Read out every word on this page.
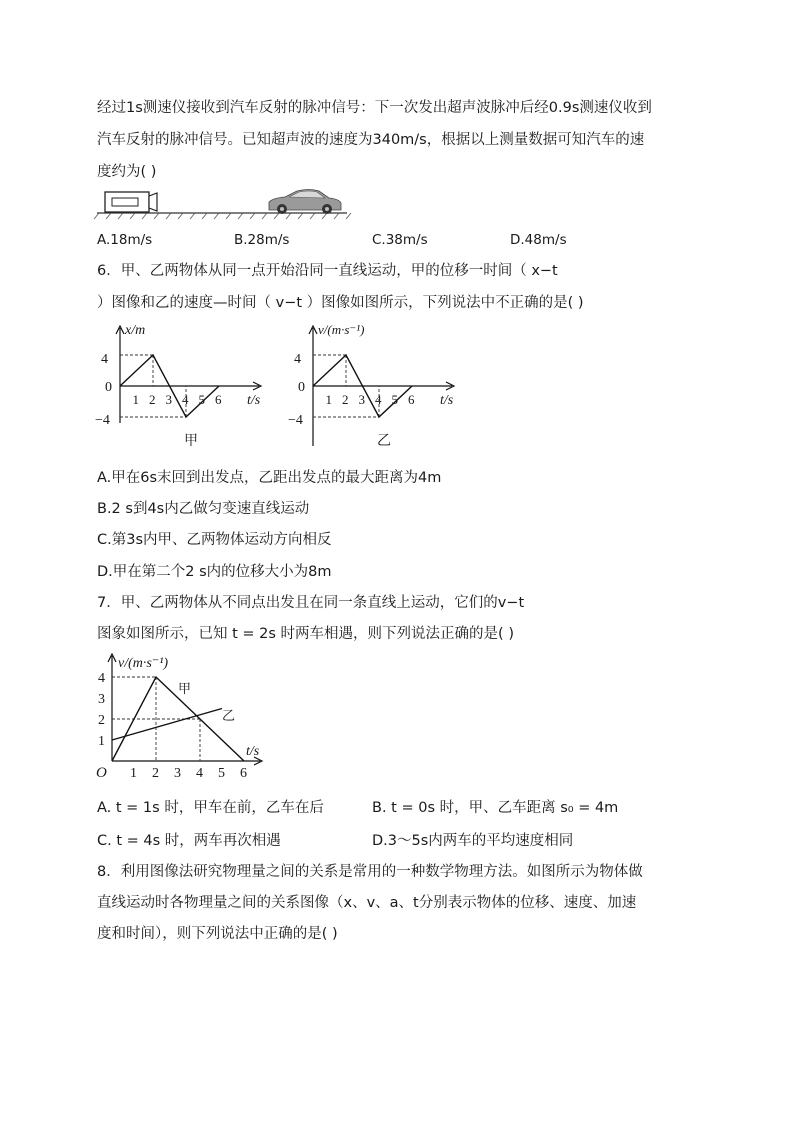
经过1s测速仪接收到汽车反射的脉冲信号：下一次发出超声波脉冲后经0.9s测速仪收到
汽车反射的脉冲信号。已知超声波的速度为340m/s，根据以上测量数据可知汽车的速
度约为( )
A.18m/s	B.28m/s	C.38m/s	D.48m/s
6．甲、乙两物体从同一点开始沿同一直线运动，甲的位移一时间（ x−t
）图像和乙的速度—时间（ v−t ）图像如图所示，下列说法中不正确的是( )
x/m
t/s
4
0
−4
1 2 3 4 5 6
甲
v/(m·s⁻¹)
t/s
4
0
−4
1 2 3 4 5 6
乙
A.甲在6s末回到出发点，乙距出发点的最大距离为4m
B.2 s到4s内乙做匀变速直线运动
C.第3s内甲、乙两物体运动方向相反
D.甲在第二个2 s内的位移大小为8m
7．甲、乙两物体从不同点出发且在同一条直线上运动，它们的v−t
图象如图所示，已知 t = 2s 时两车相遇，则下列说法正确的是( )
v/(m·s⁻¹)
t/s
O
1
2
3
4
1 2 3 4 5 6
甲
乙
A. t = 1s 时，甲车在前，乙车在后	B. t = 0s 时，甲、乙车距离 s₀ = 4m
C. t = 4s 时，两车再次相遇	D.3～5s内两车的平均速度相同
8．利用图像法研究物理量之间的关系是常用的一种数学物理方法。如图所示为物体做
直线运动时各物理量之间的关系图像（x、v、a、t分别表示物体的位移、速度、加速
度和时间），则下列说法中正确的是( )
